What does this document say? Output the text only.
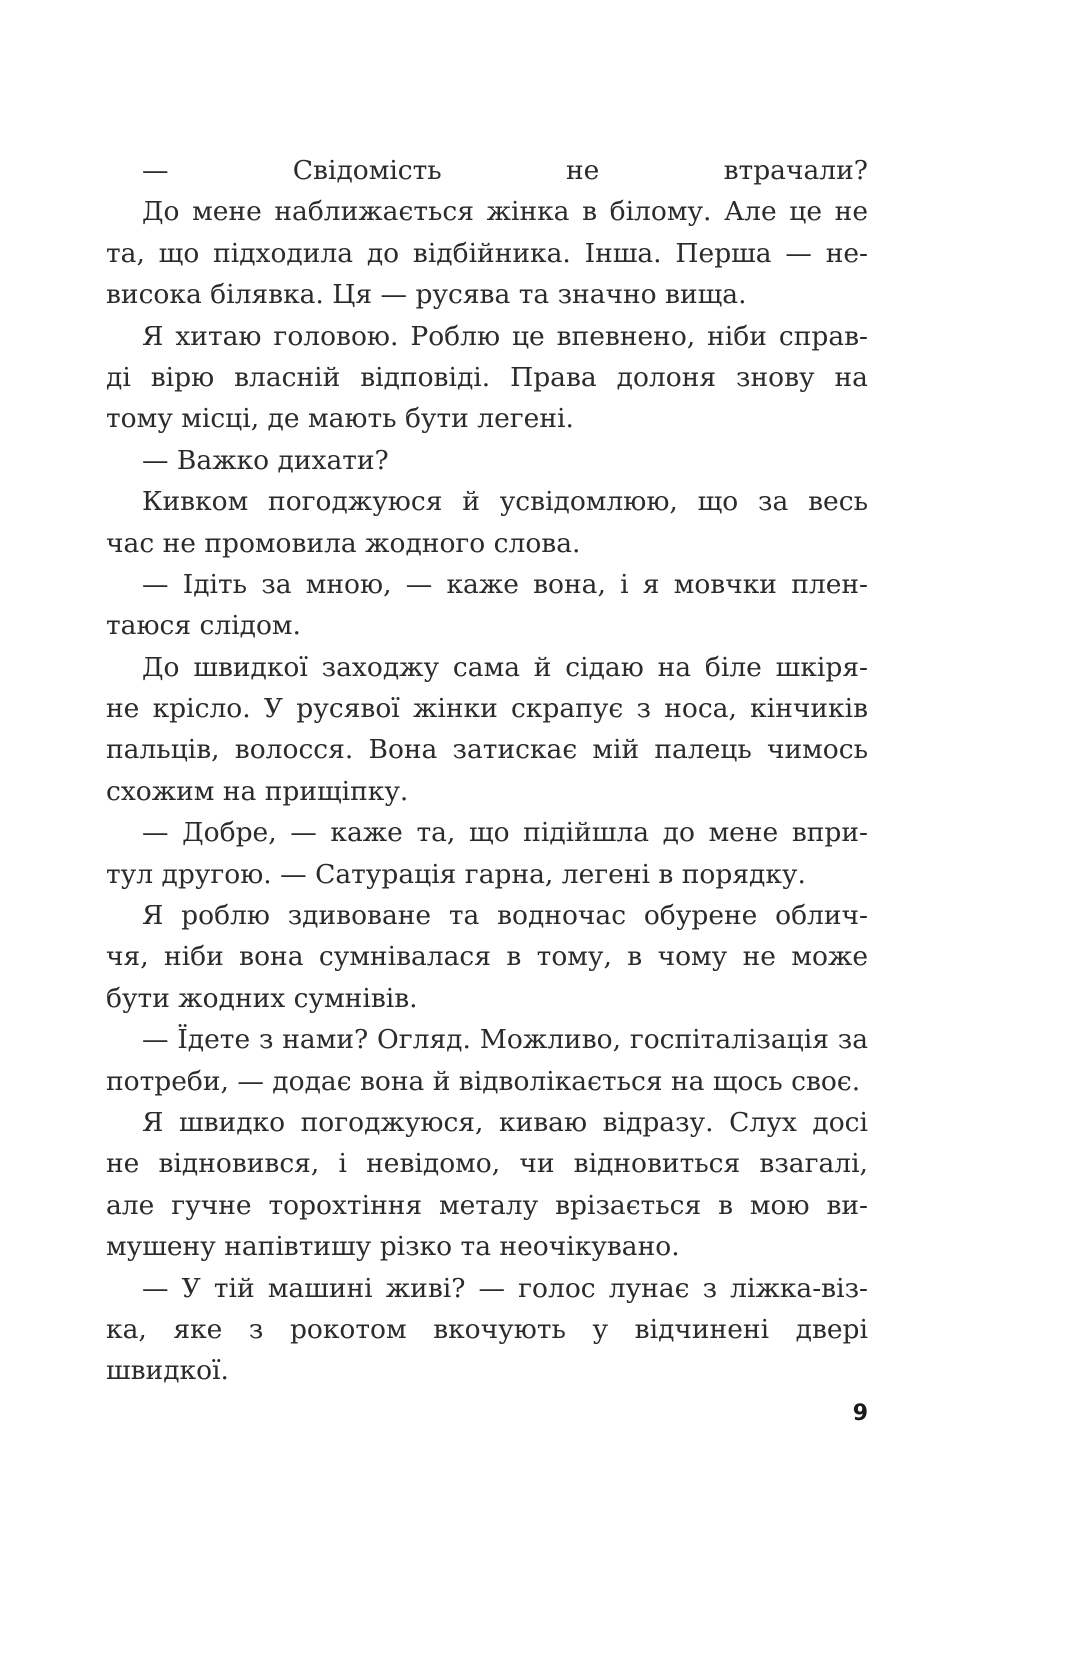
— Свідомість не втрачали?
До мене наближається жінка в білому. Але це не
та, що підходила до відбійника. Інша. Перша — не-
висока білявка. Ця — русява та значно вища.
Я хитаю головою. Роблю це впевнено, ніби справ-
ді вірю власній відповіді. Права долоня знову на
тому місці, де мають бути легені.
— Важко дихати?
Кивком погоджуюся й усвідомлюю, що за весь
час не промовила жодного слова.
— Ідіть за мною, — каже вона, і я мовчки плен-
таюся слідом.
До швидкої заходжу сама й сідаю на біле шкіря-
не крісло. У русявої жінки скрапує з носа, кінчиків
пальців, волосся. Вона затискає мій палець чимось
схожим на прищіпку.
— Добре, — каже та, що підійшла до мене впри-
тул другою. — Сатурація гарна, легені в порядку.
Я роблю здивоване та водночас обурене облич-
чя, ніби вона сумнівалася в тому, в чому не може
бути жодних сумнівів.
— Їдете з нами? Огляд. Можливо, госпіталізація за
потреби, — додає вона й відволікається на щось своє.
Я швидко погоджуюся, киваю відразу. Слух досі
не відновився, і невідомо, чи відновиться взагалі,
але гучне торохтіння металу врізається в мою ви-
мушену напівтишу різко та неочікувано.
— У тій машині живі? — голос лунає з ліжка-віз-
ка, яке з рокотом вкочують у відчинені двері
швидкої.
9
